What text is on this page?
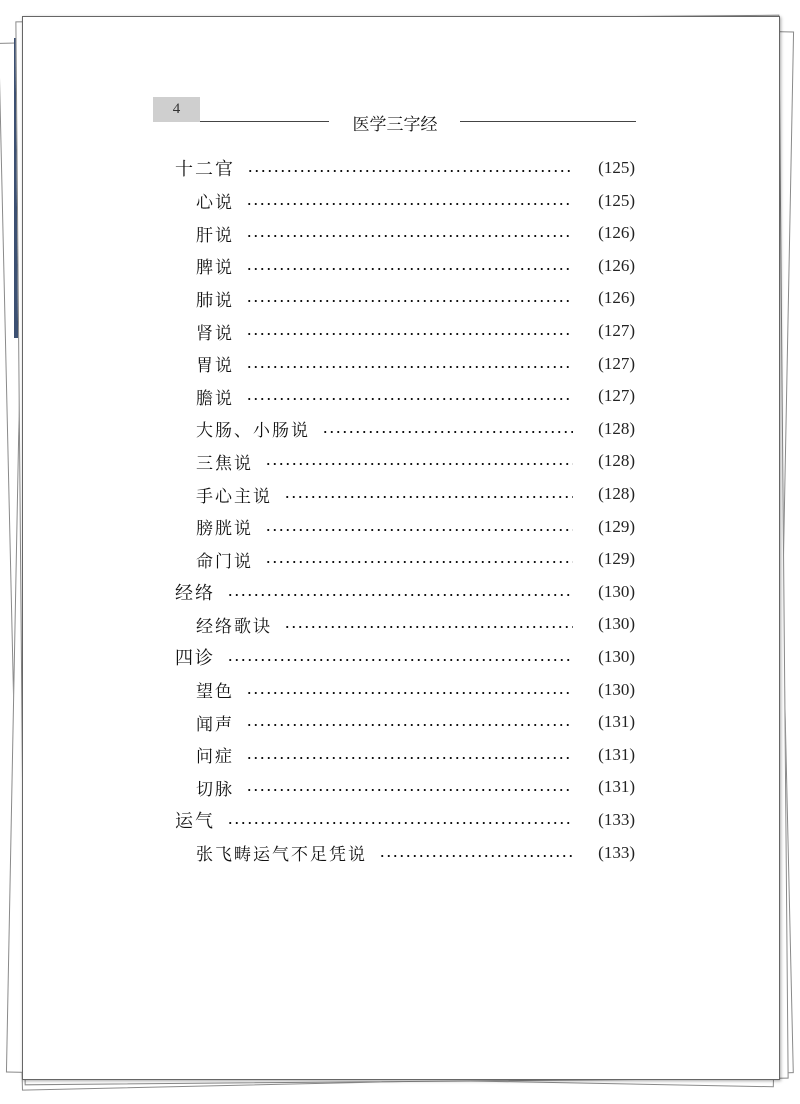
4
医学三字经
十二官	(125)
心说	(125)
肝说	(126)
脾说	(126)
肺说	(126)
肾说	(127)
胃说	(127)
膽说	(127)
大肠、小肠说	(128)
三焦说	(128)
手心主说	(128)
膀胱说	(129)
命门说	(129)
经络	(130)
经络歌诀	(130)
四诊	(130)
望色	(130)
闻声	(131)
问症	(131)
切脉	(131)
运气	(133)
张飞畴运气不足凭说	(133)
